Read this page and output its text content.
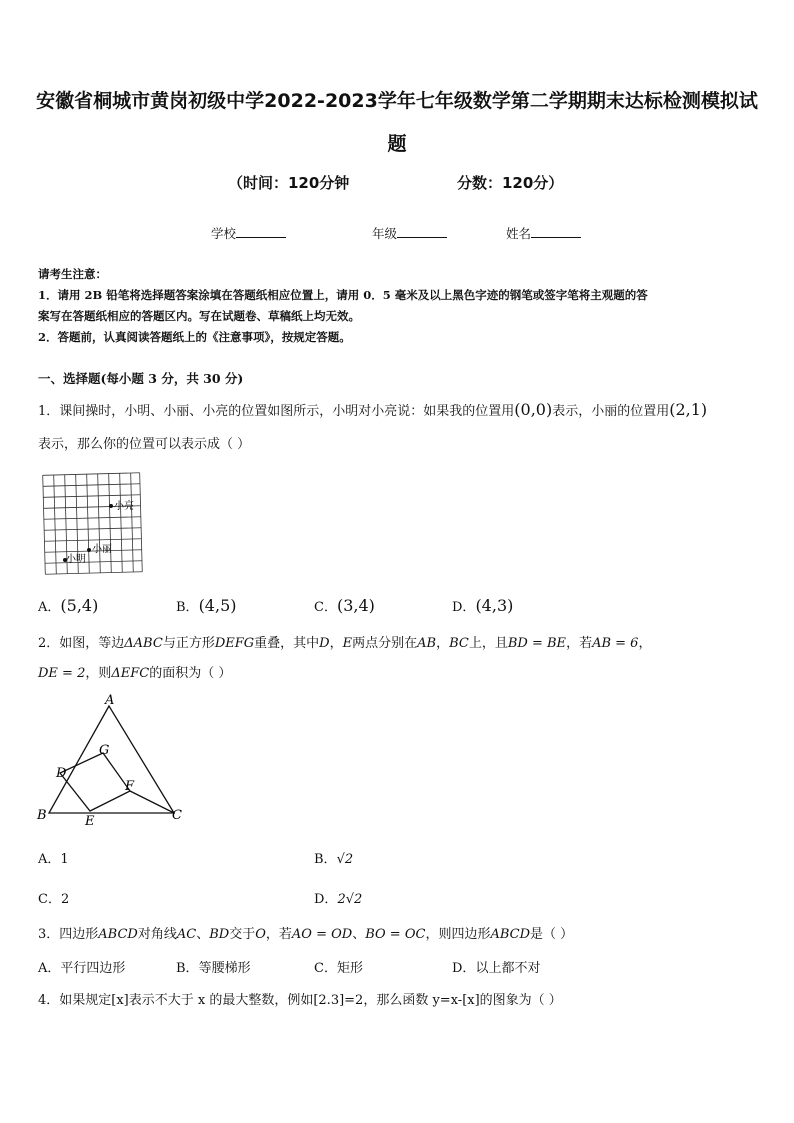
安徽省桐城市黄岗初级中学2022-2023学年七年级数学第二学期期末达标检测模拟试
题
（时间：120分钟	分数：120分）
学校	年级	姓名
请考生注意：
1．请用 2B 铅笔将选择题答案涂填在答题纸相应位置上，请用 0．5 毫米及以上黑色字迹的钢笔或签字笔将主观题的答
案写在答题纸相应的答题区内。写在试题卷、草稿纸上均无效。
2．答题前，认真阅读答题纸上的《注意事项》，按规定答题。
一、选择题(每小题 3 分，共 30 分)
1．课间操时，小明、小丽、小亮的位置如图所示，小明对小亮说：如果我的位置用(0,0)表示，小丽的位置用(2,1)
表示，那么你的位置可以表示成（ ）
小亮
小丽
小明
A．(5,4)	B．(4,5)	C．(3,4)	D．(4,3)
2．如图，等边ΔABC与正方形DEFG重叠，其中D，E两点分别在AB，BC上，且BD = BE，若AB = 6，
DE = 2，则ΔEFC的面积为（ ）
A
B	C
D
E
F
G
A．1	B．√2
C．2	D．2√2
3．四边形ABCD对角线AC、BD交于O，若AO = OD、BO = OC，则四边形ABCD是（ ）
A．平行四边形	B．等腰梯形	C．矩形	D．以上都不对
4．如果规定[x]表示不大于 x 的最大整数，例如[2.3]=2，那么函数 y=x-[x]的图象为（ ）
